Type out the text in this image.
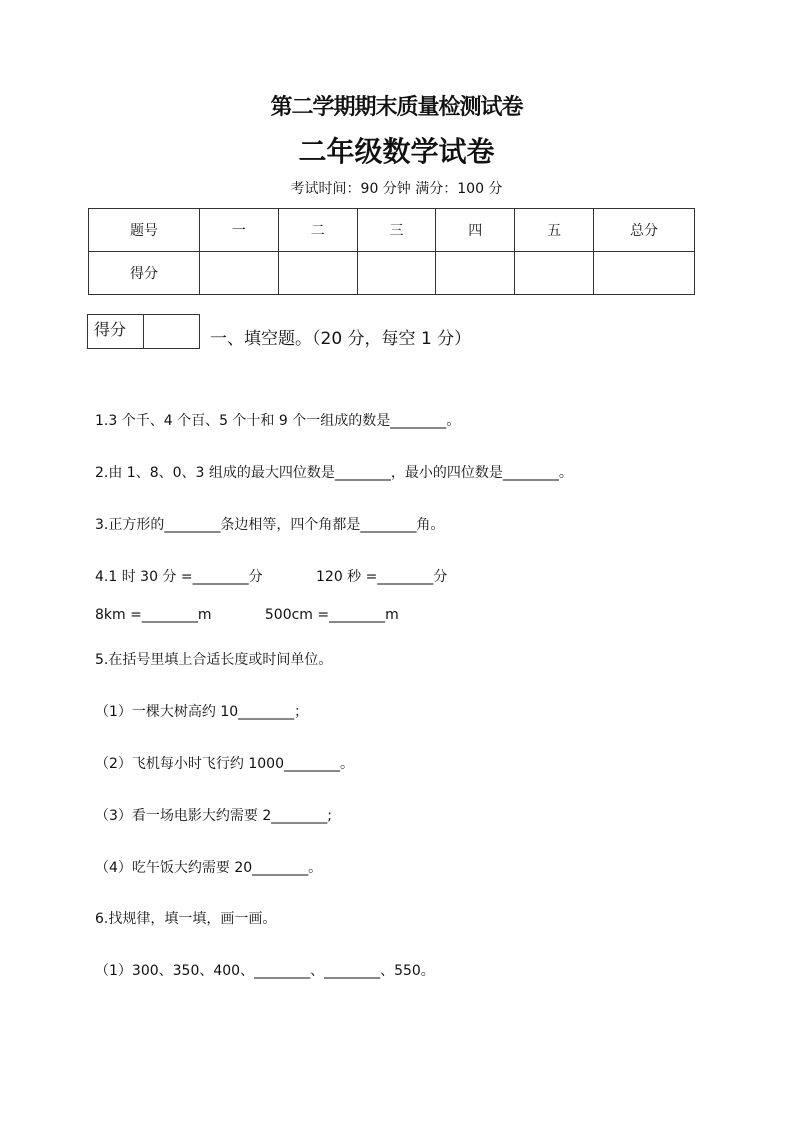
第二学期期末质量检测试卷
二年级数学试卷
考试时间：90 分钟 满分：100 分
题号	一	二	三	四	五	总分
得分						
得分	一、填空题。（20 分，每空 1 分）
1.3 个千、4 个百、5 个十和 9 个一组成的数是________。
2.由 1、8、0、3 组成的最大四位数是________，最小的四位数是________。
3.正方形的________条边相等，四个角都是________角。
4.1 时 30 分 =________分            120 秒 =________分
8km =________m            500cm =________m
5.在括号里填上合适长度或时间单位。
（1）一棵大树高约 10________；
（2）飞机每小时飞行约 1000________。
（3）看一场电影大约需要 2________;
（4）吃午饭大约需要 20________。
6.找规律，填一填，画一画。
（1）300、350、400、________、________、550。
